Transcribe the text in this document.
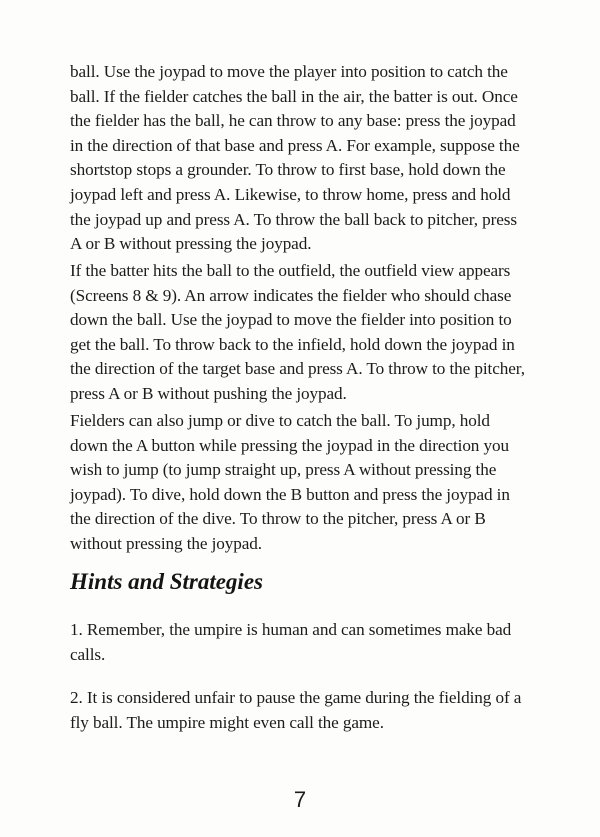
ball. Use the joypad to move the player into position to catch the
ball. If the fielder catches the ball in the air, the batter is out. Once
the fielder has the ball, he can throw to any base: press the joypad
in the direction of that base and press A. For example, suppose the
shortstop stops a grounder. To throw to first base, hold down the
joypad left and press A. Likewise, to throw home, press and hold
the joypad up and press A. To throw the ball back to pitcher, press
A or B without pressing the joypad.

If the batter hits the ball to the outfield, the outfield view appears
(Screens 8 & 9). An arrow indicates the fielder who should chase
down the ball. Use the joypad to move the fielder into position to
get the ball. To throw back to the infield, hold down the joypad in
the direction of the target base and press A. To throw to the pitcher,
press A or B without pushing the joypad.

Fielders can also jump or dive to catch the ball. To jump, hold
down the A button while pressing the joypad in the direction you
wish to jump (to jump straight up, press A without pressing the
joypad). To dive, hold down the B button and press the joypad in
the direction of the dive. To throw to the pitcher, press A or B
without pressing the joypad.

Hints and Strategies

1. Remember, the umpire is human and can sometimes make bad
calls.

2. It is considered unfair to pause the game during the fielding of a
fly ball. The umpire might even call the game.

7
